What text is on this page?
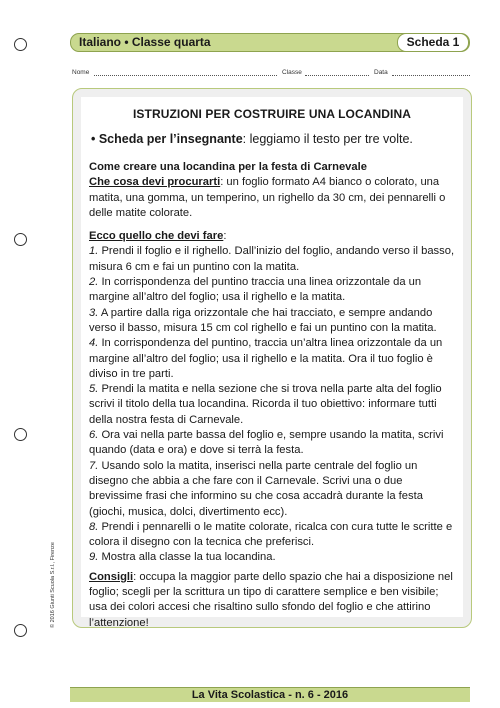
Italiano • Classe quarta	Scheda 1
Nome	Classe	Data
ISTRUZIONI PER COSTRUIRE UNA LOCANDINA
• Scheda per l’insegnante: leggiamo il testo per tre volte.

Come creare una locandina per la festa di Carnevale

Che cosa devi procurarti: un foglio formato A4 bianco o colorato, una matita, una gomma, un temperino, un righello da 30 cm, dei pennarelli o delle matite colorate.

Ecco quello che devi fare:

1. Prendi il foglio e il righello. Dall’inizio del foglio, andando verso il basso, misura 6 cm e fai un puntino con la matita.

2. In corrispondenza del puntino traccia una linea orizzontale da un margine all’altro del foglio; usa il righello e la matita.

3. A partire dalla riga orizzontale che hai tracciato, e sempre andando verso il basso, misura 15 cm col righello e fai un puntino con la matita.

4. In corrispondenza del puntino, traccia un’altra linea orizzontale da un margine all’altro del foglio; usa il righello e la matita. Ora il tuo foglio è diviso in tre parti.

5. Prendi la matita e nella sezione che si trova nella parte alta del foglio scrivi il titolo della tua locandina. Ricorda il tuo obiettivo: informare tutti della nostra festa di Carnevale.

6. Ora vai nella parte bassa del foglio e, sempre usando la matita, scrivi quando (data e ora) e dove si terrà la festa.

7. Usando solo la matita, inserisci nella parte centrale del foglio un disegno che abbia a che fare con il Carnevale. Scrivi una o due brevissime frasi che informino su che cosa accadrà durante la festa (giochi, musica, dolci, divertimento ecc).

8. Prendi i pennarelli o le matite colorate, ricalca con cura tutte le scritte e colora il disegno con la tecnica che preferisci.

9. Mostra alla classe la tua locandina.

Consigli: occupa la maggior parte dello spazio che hai a disposizione nel foglio; scegli per la scrittura un tipo di carattere semplice e ben visibile; usa dei colori accesi che risaltino sullo sfondo del foglio e che attirino l’attenzione!

© 2016 Giunti Scuola S.r.l., Firenze
La Vita Scolastica - n. 6 - 2016
